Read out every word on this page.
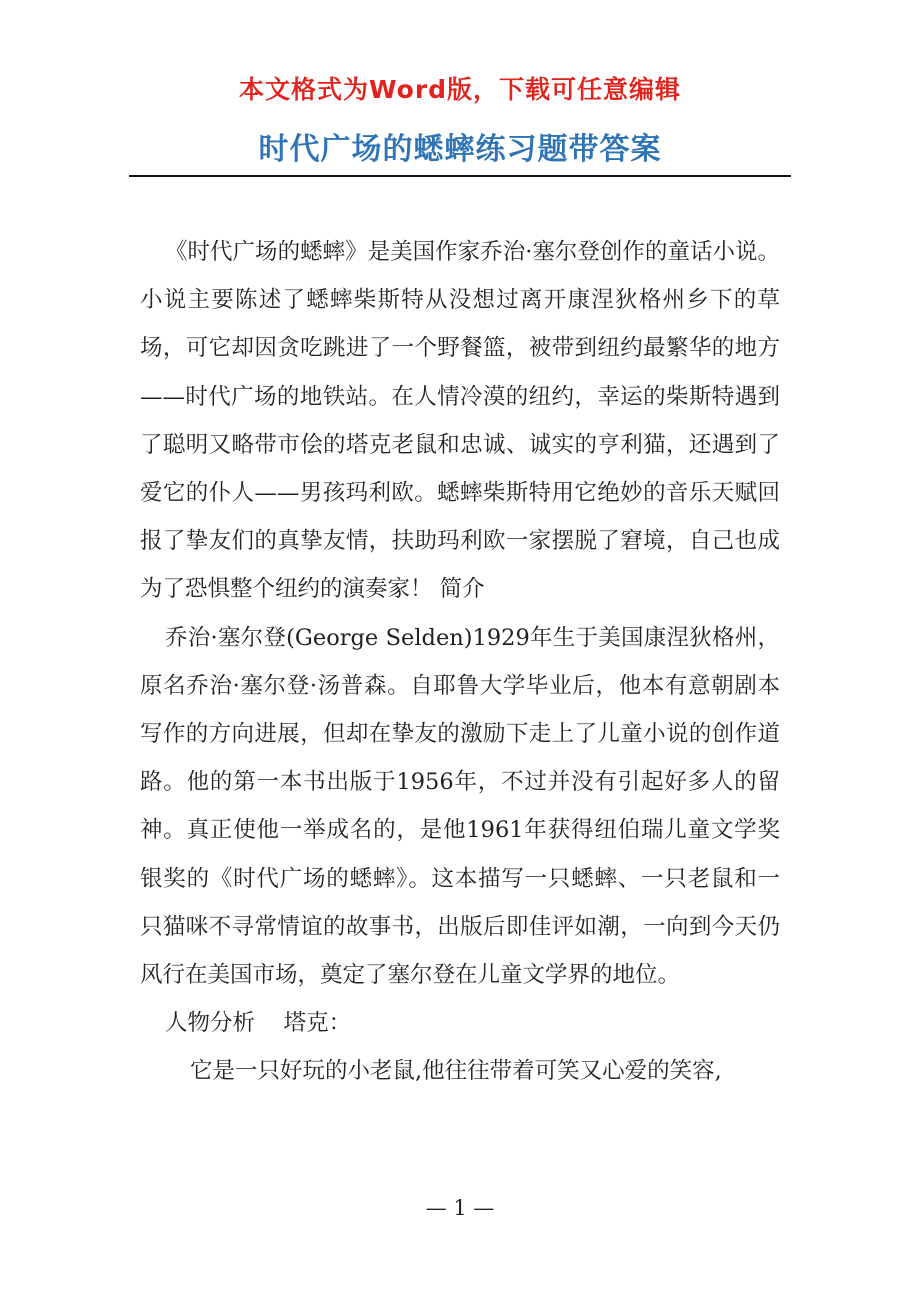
本文格式为Word版，下载可任意编辑
时代广场的蟋蟀练习题带答案

《时代广场的蟋蟀》是美国作家乔治·塞尔登创作的童话小说。小说主要陈述了蟋蟀柴斯特从没想过离开康涅狄格州乡下的草场，可它却因贪吃跳进了一个野餐篮，被带到纽约最繁华的地方——时代广场的地铁站。在人情冷漠的纽约，幸运的柴斯特遇到了聪明又略带市侩的塔克老鼠和忠诚、诚实的亨利猫，还遇到了爱它的仆人——男孩玛利欧。蟋蟀柴斯特用它绝妙的音乐天赋回报了挚友们的真挚友情，扶助玛利欧一家摆脱了窘境，自己也成为了恐惧整个纽约的演奏家！ 简介

乔治·塞尔登(George Selden)1929年生于美国康涅狄格州，原名乔治·塞尔登·汤普森。自耶鲁大学毕业后，他本有意朝剧本写作的方向进展，但却在挚友的激励下走上了儿童小说的创作道路。他的第一本书出版于1956年，不过并没有引起好多人的留神。真正使他一举成名的，是他1961年获得纽伯瑞儿童文学奖银奖的《时代广场的蟋蟀》。这本描写一只蟋蟀、一只老鼠和一只猫咪不寻常情谊的故事书，出版后即佳评如潮，一向到今天仍风行在美国市场，奠定了塞尔登在儿童文学界的地位。

人物分析    塔克：

它是一只好玩的小老鼠,他往往带着可笑又心爱的笑容,

— 1 —
